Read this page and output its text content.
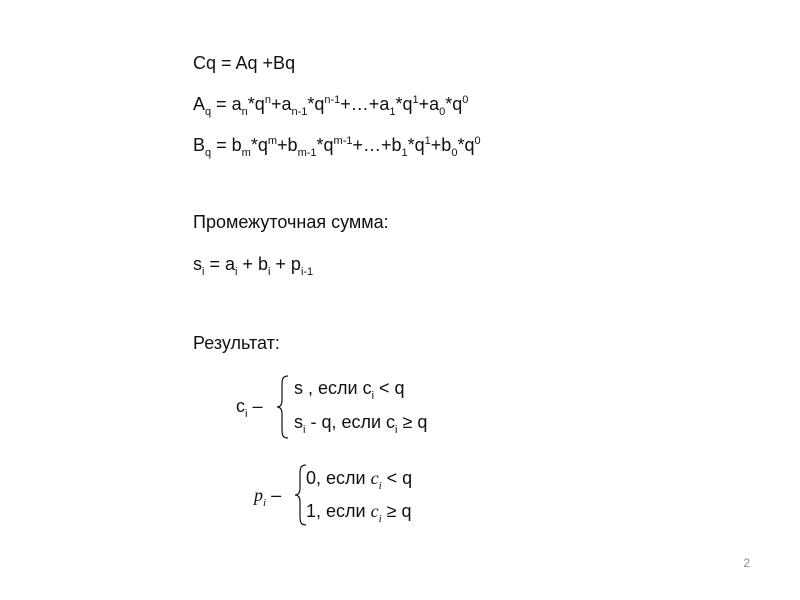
Cq = Aq +Bq
$A_q$ = $a_n*q^n+a_{n-1}*q^{n-1}+\dots+a_1*q^1+a_0*q^0$
$B_q$ = $b_m*q^m+b_{m-1}*q^{m-1}+\dots+b_1*q^1+b_0*q^0$
Промежуточная сумма:
$s_i = a_i + b_i + p_{i-1}$
Результат:
$c_i$ –
s , если $c_i < q$
$s_i$ - q, если $c_i \ge q$
$p_i$ –
0, если $c_i < q$
1, если $c_i \ge q$
2
